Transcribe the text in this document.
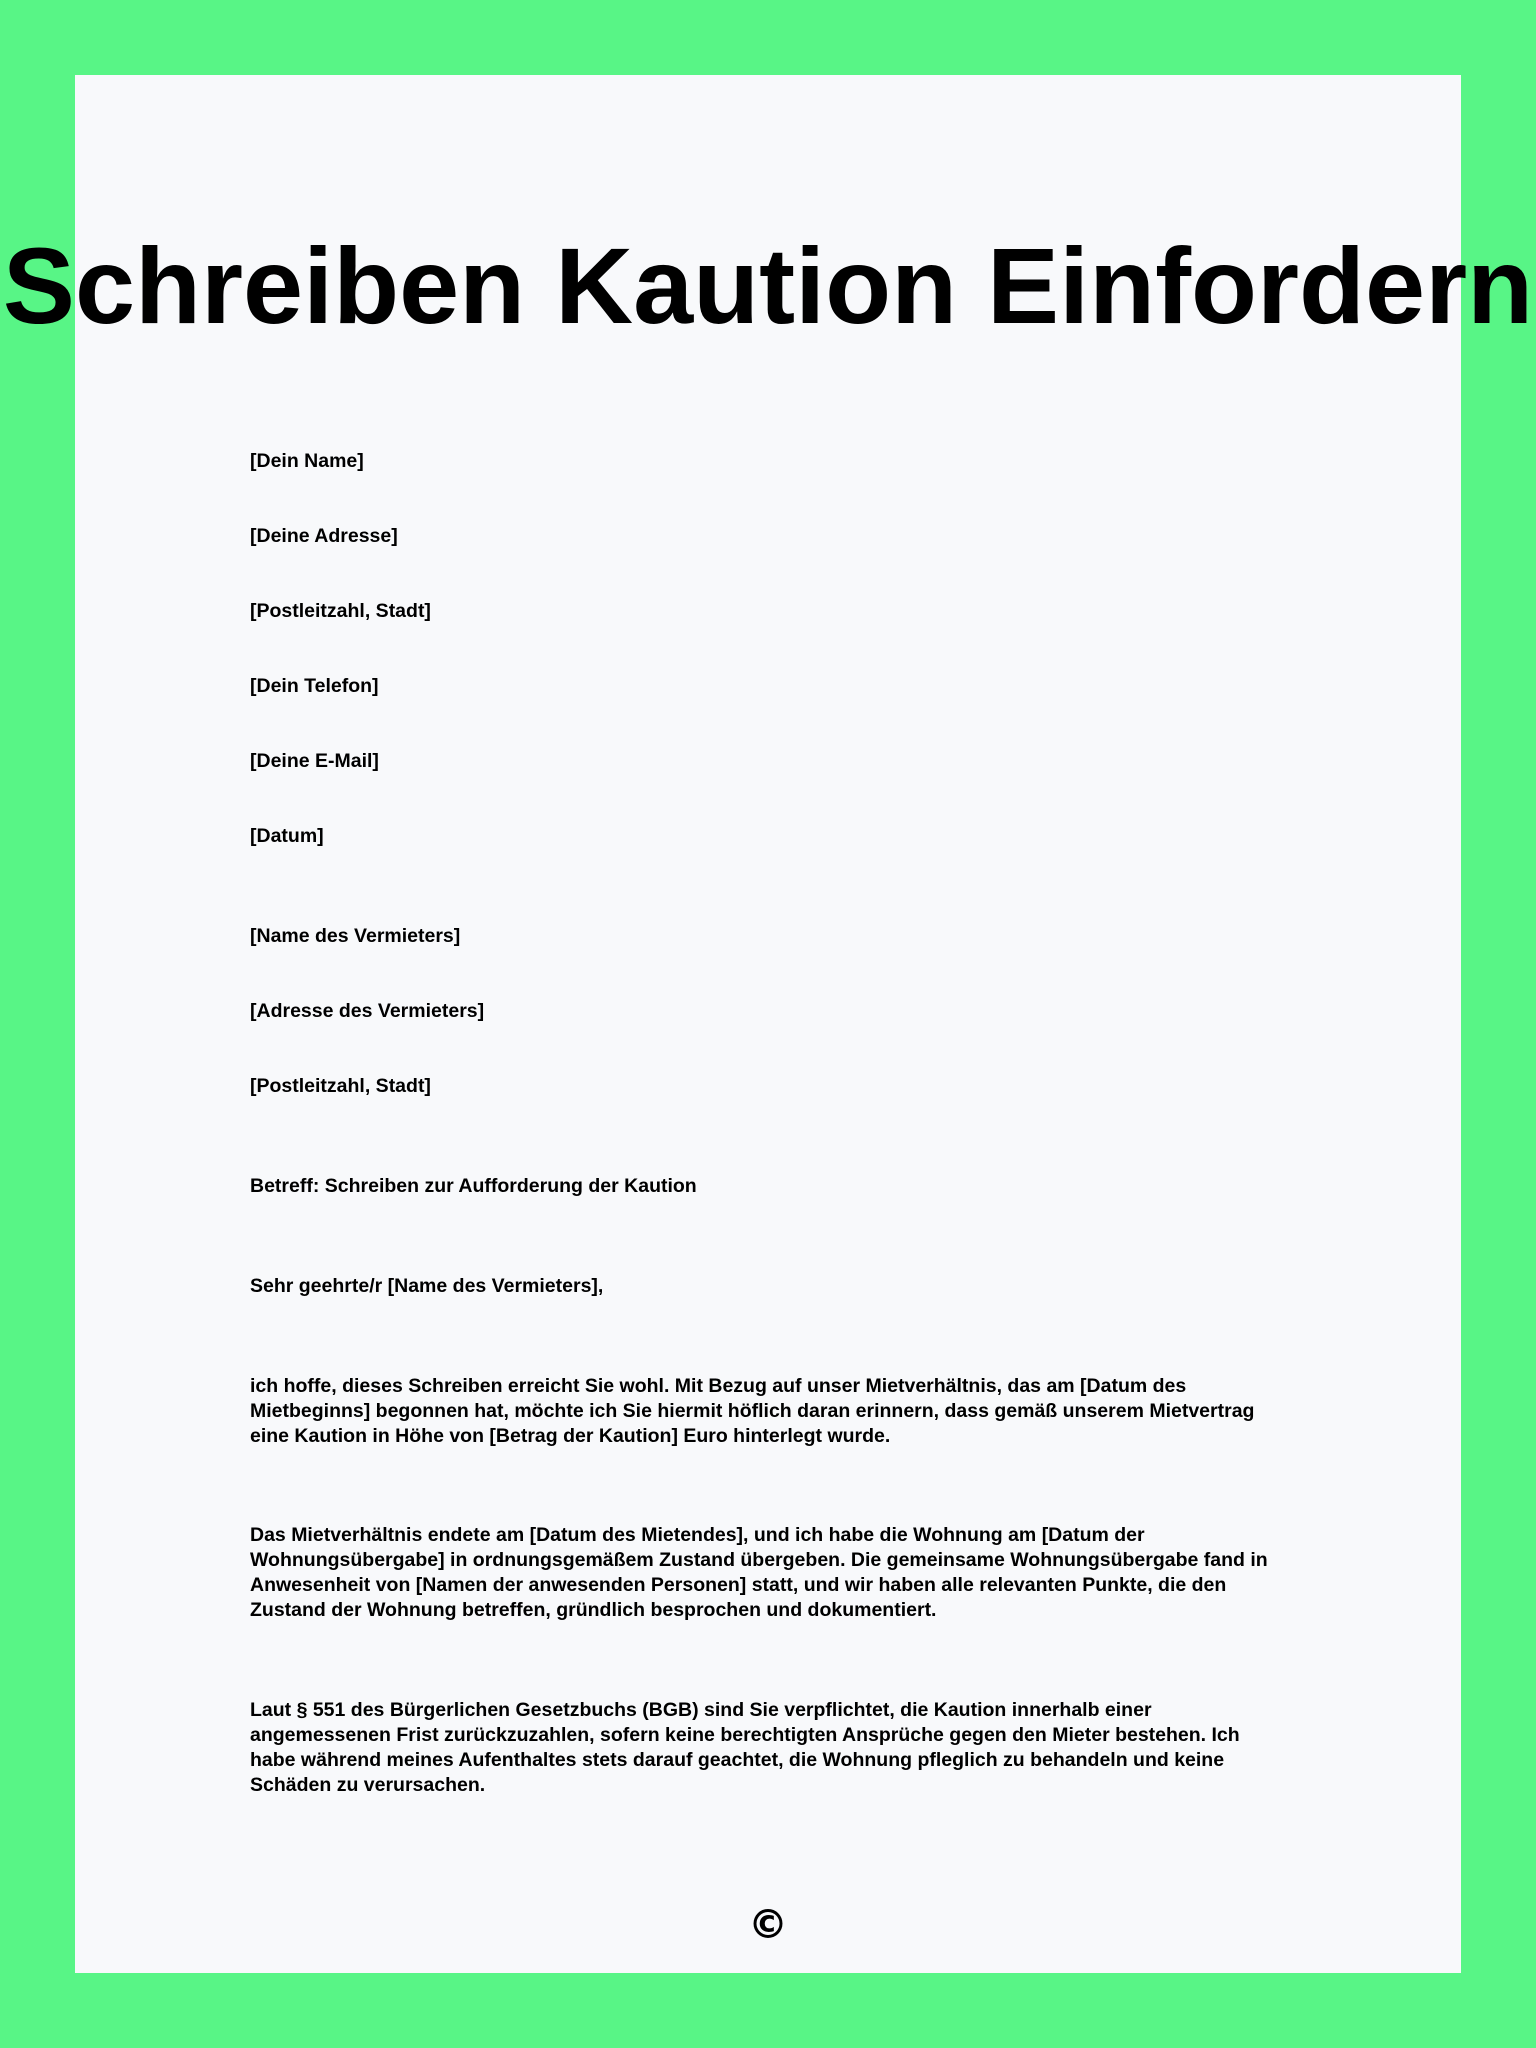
Schreiben Kaution Einfordern

[Dein Name]

[Deine Adresse]

[Postleitzahl, Stadt]

[Dein Telefon]

[Deine E-Mail]

[Datum]

[Name des Vermieters]

[Adresse des Vermieters]

[Postleitzahl, Stadt]

Betreff: Schreiben zur Aufforderung der Kaution

Sehr geehrte/r [Name des Vermieters],

ich hoffe, dieses Schreiben erreicht Sie wohl. Mit Bezug auf unser Mietverhältnis, das am [Datum des Mietbeginns] begonnen hat, möchte ich Sie hiermit höflich daran erinnern, dass gemäß unserem Mietvertrag eine Kaution in Höhe von [Betrag der Kaution] Euro hinterlegt wurde.

Das Mietverhältnis endete am [Datum des Mietendes], und ich habe die Wohnung am [Datum der Wohnungsübergabe] in ordnungsgemäßem Zustand übergeben. Die gemeinsame Wohnungsübergabe fand in Anwesenheit von [Namen der anwesenden Personen] statt, und wir haben alle relevanten Punkte, die den Zustand der Wohnung betreffen, gründlich besprochen und dokumentiert.

Laut § 551 des Bürgerlichen Gesetzbuchs (BGB) sind Sie verpflichtet, die Kaution innerhalb einer angemessenen Frist zurückzuzahlen, sofern keine berechtigten Ansprüche gegen den Mieter bestehen. Ich habe während meines Aufenthaltes stets darauf geachtet, die Wohnung pfleglich zu behandeln und keine Schäden zu verursachen.

©
